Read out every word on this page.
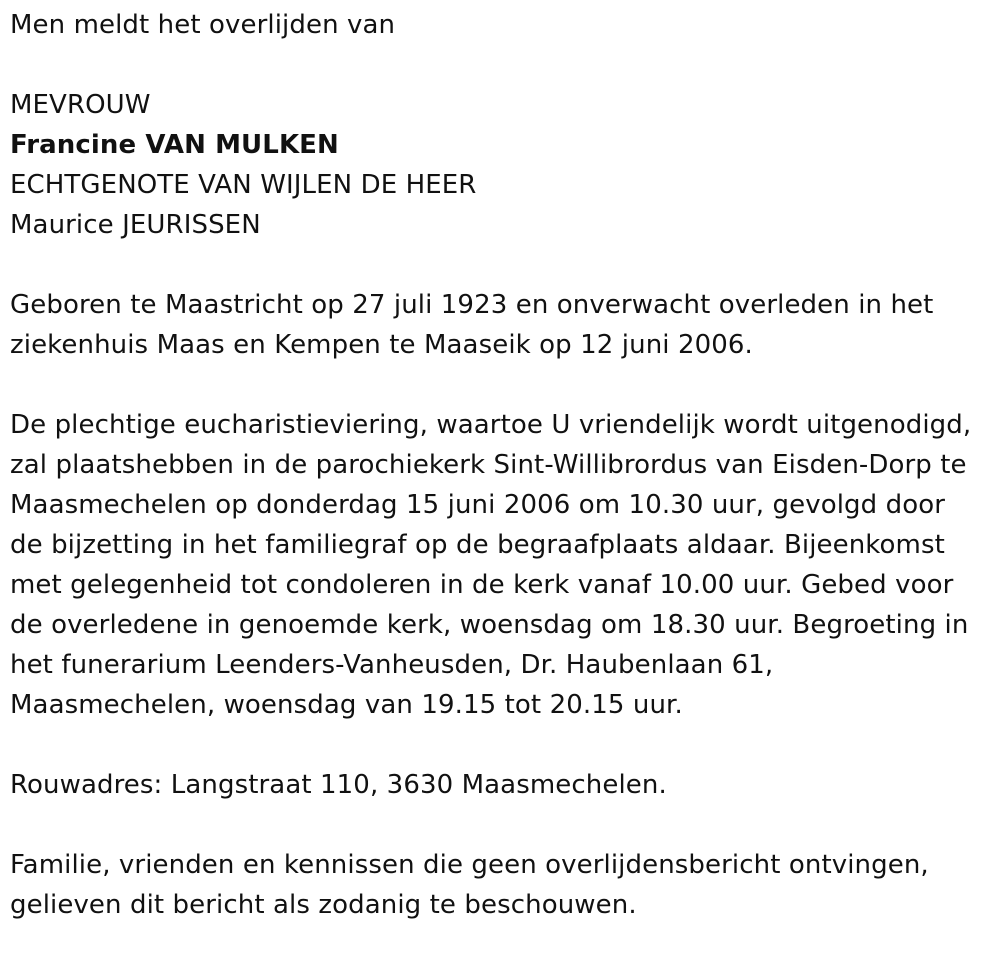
Men meldt het overlijden van
MEVROUW
Francine VAN MULKEN
ECHTGENOTE VAN WIJLEN DE HEER
Maurice JEURISSEN
Geboren te Maastricht op 27 juli 1923 en onverwacht overleden in het
ziekenhuis Maas en Kempen te Maaseik op 12 juni 2006.
De plechtige eucharistieviering, waartoe U vriendelijk wordt uitgenodigd,
zal plaatshebben in de parochiekerk Sint-Willibrordus van Eisden-Dorp te
Maasmechelen op donderdag 15 juni 2006 om 10.30 uur, gevolgd door
de bijzetting in het familiegraf op de begraafplaats aldaar. Bijeenkomst
met gelegenheid tot condoleren in de kerk vanaf 10.00 uur. Gebed voor
de overledene in genoemde kerk, woensdag om 18.30 uur. Begroeting in
het funerarium Leenders-Vanheusden, Dr. Haubenlaan 61,
Maasmechelen, woensdag van 19.15 tot 20.15 uur.
Rouwadres: Langstraat 110, 3630 Maasmechelen.
Familie, vrienden en kennissen die geen overlijdensbericht ontvingen,
gelieven dit bericht als zodanig te beschouwen.
